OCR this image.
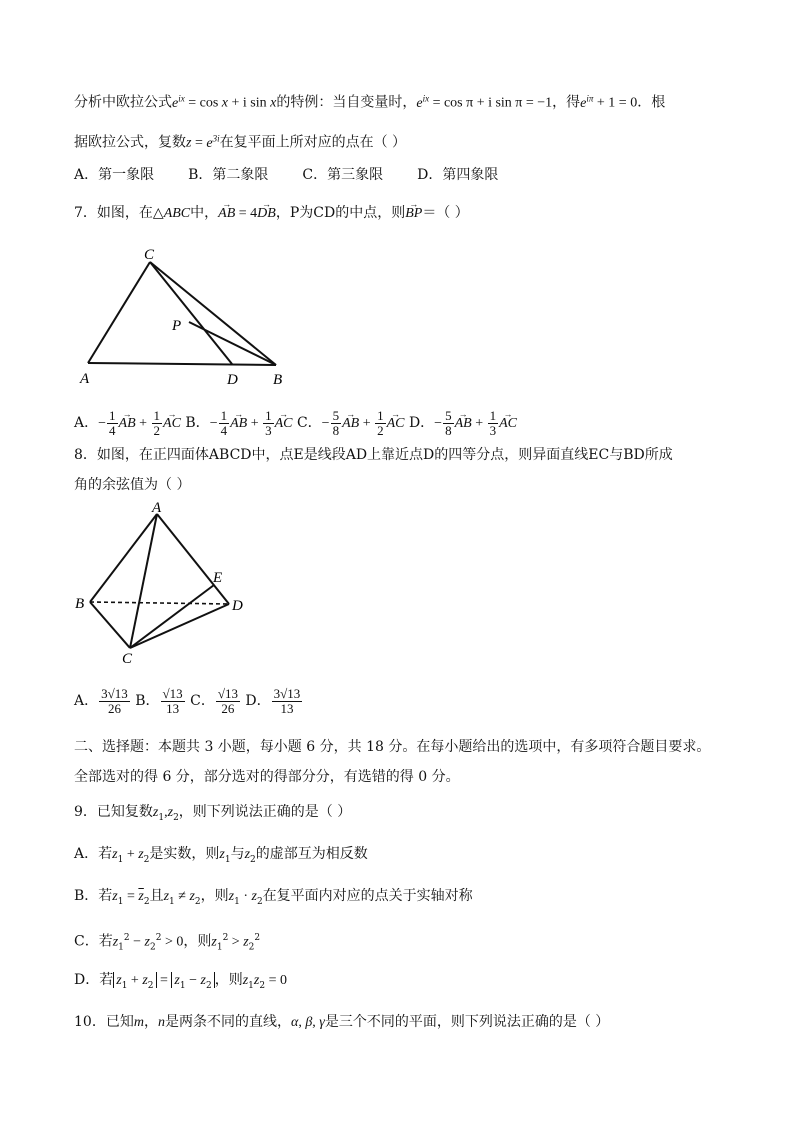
分析中欧拉公式$e^{ix} = \cos x + i$ sin x的特例：当自变量时，$e^{ix} = \cos \pi + i$ sin π = −1，得$e^{i\pi} + 1 = 0$．根
据欧拉公式，复数$z = e^{3i}$在复平面上所对应的点在（ ）
A．第一象限 B．第二象限 C．第三象限 D．第四象限
7．如图，在△ABC中，→ AB = 4→ DB，P为CD的中点，则→ BP＝（ ）
C
P
A	D B
A．− $\frac{1}{4}$ → AB + $\frac{1}{2}$ → AC B．− $\frac{1}{4}$ → AB + $\frac{1}{3}$ → AC C．− $\frac{5}{8}$ → AB + $\frac{1}{2}$ → AC D．− $\frac{5}{8}$ → AB + $\frac{1}{3}$ → AC
8．如图，在正四面体ABCD中，点E是线段AD上靠近点D的四等分点，则异面直线EC与BD所成
角的余弦值为（ ）
A
B
C
D
E
A． $\frac{3√13}{26}$ B． $\frac{√13}{13}$ C． $\frac{√13}{26}$ D． $\frac{3√13}{13}$
二、选择题：本题共 3 小题，每小题 6 分，共 18 分。在每小题给出的选项中，有多项符合题目要求。
全部选对的得 6 分，部分选对的得部分分，有选错的得 0 分。
9．已知复数$z_1,z_2$，则下列说法正确的是（ ）
A．若$z_1 + z_2$是实数，则$z_1$与$z_2$的虚部互为相反数
B．若$z_1 = \overline{z}_2$且$z_1 \ne z_2$，则$z_1 \cdot z_2$在复平面内对应的点关于实轴对称
C．若$z_1^2 - z_2^2 > 0$，则$z_1^2 > z_2^2$
D．若 $z_1 + z_2 = z_1 - z_2$ ，则$z_1z_2 = 0$
10．已知m，n是两条不同的直线，α, β, γ是三个不同的平面，则下列说法正确的是（ ）
